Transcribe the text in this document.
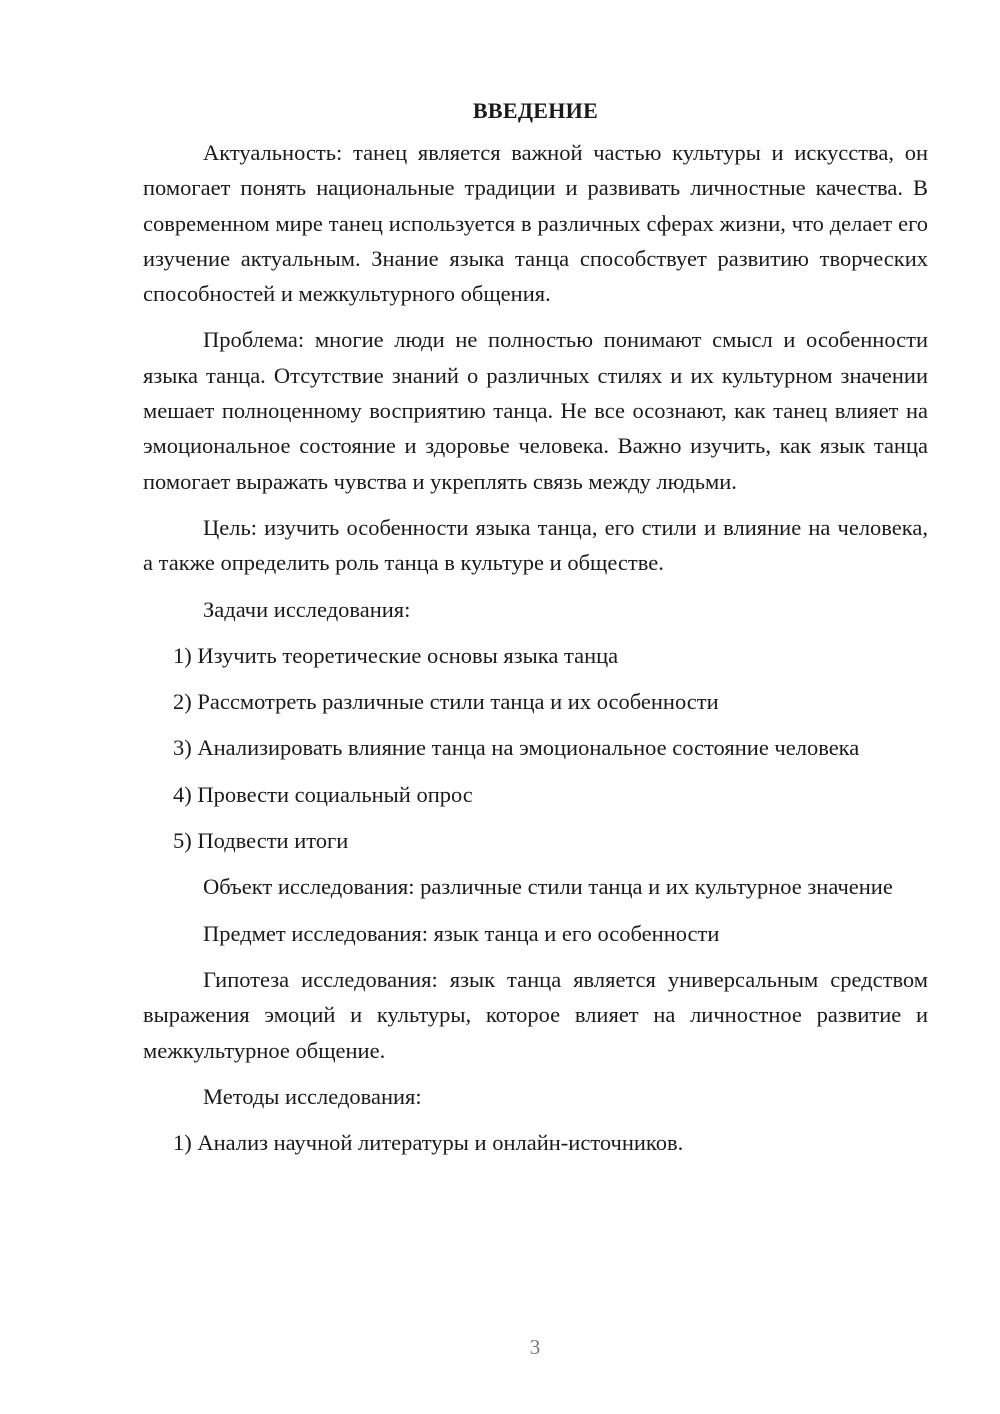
ВВЕДЕНИЕ

Актуальность: танец является важной частью культуры и искусства, он помогает понять национальные традиции и развивать личностные качества. В современном мире танец используется в различных сферах жизни, что делает его изучение актуальным. Знание языка танца способствует развитию творческих способностей и межкультурного общения.

Проблема: многие люди не полностью понимают смысл и особенности языка танца. Отсутствие знаний о различных стилях и их культурном значении мешает полноценному восприятию танца. Не все осознают, как танец влияет на эмоциональное состояние и здоровье человека. Важно изучить, как язык танца помогает выражать чувства и укреплять связь между людьми.

Цель: изучить особенности языка танца, его стили и влияние на человека, а также определить роль танца в культуре и обществе.

Задачи исследования:

1) Изучить теоретические основы языка танца

2) Рассмотреть различные стили танца и их особенности

3) Анализировать влияние танца на эмоциональное состояние человека

4) Провести социальный опрос

5) Подвести итоги

Объект исследования: различные стили танца и их культурное значение

Предмет исследования: язык танца и его особенности

Гипотеза исследования: язык танца является универсальным средством выражения эмоций и культуры, которое влияет на личностное развитие и межкультурное общение.

Методы исследования:

1) Анализ научной литературы и онлайн-источников.

3
